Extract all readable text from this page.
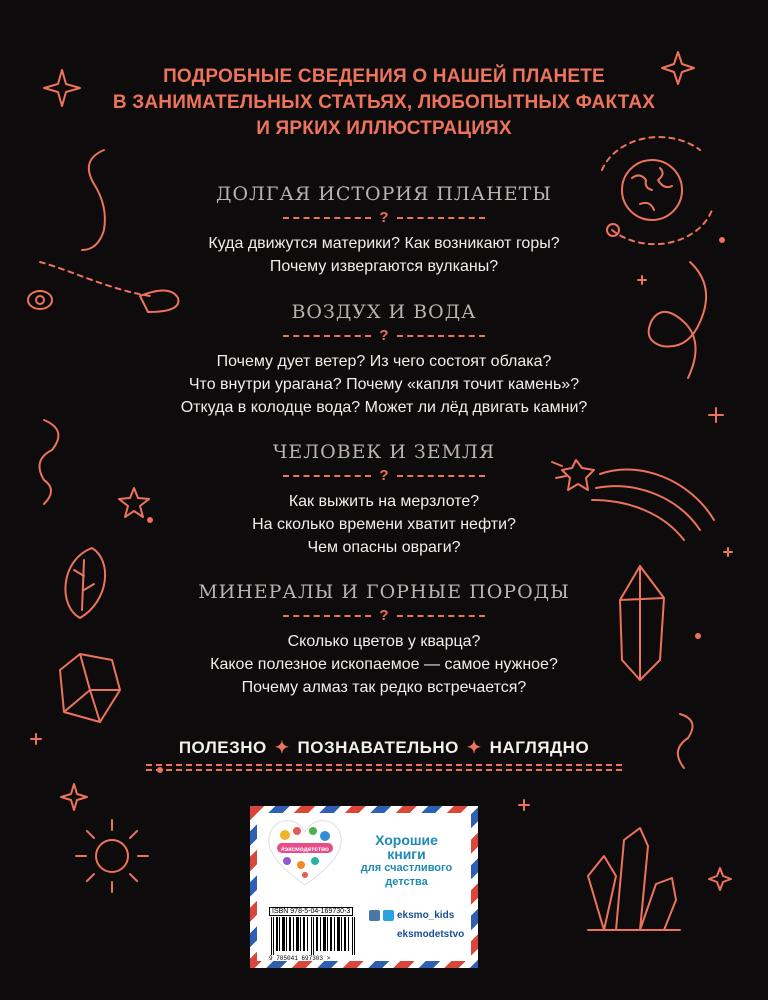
ПОДРОБНЫЕ СВЕДЕНИЯ О НАШЕЙ ПЛАНЕТЕ
В ЗАНИМАТЕЛЬНЫХ СТАТЬЯХ, ЛЮБОПЫТНЫХ ФАКТАХ
И ЯРКИХ ИЛЛЮСТРАЦИЯХ
ДОЛГАЯ ИСТОРИЯ ПЛАНЕТЫ
?
Куда движутся материки? Как возникают горы?
Почему извергаются вулканы?
ВОЗДУХ И ВОДА
?
Почему дует ветер? Из чего состоят облака?
Что внутри урагана? Почему «капля точит камень»?
Откуда в колодце вода? Может ли лёд двигать камни?
ЧЕЛОВЕК И ЗЕМЛЯ
?
Как выжить на мерзлоте?
На сколько времени хватит нефти?
Чем опасны овраги?
МИНЕРАЛЫ И ГОРНЫЕ ПОРОДЫ
?
Сколько цветов у кварца?
Какое полезное ископаемое — самое нужное?
Почему алмаз так редко встречается?
ПОЛЕЗНО ✦ ПОЗНАВАТЕЛЬНО ✦ НАГЛЯДНО
#эксмодетство
Хорошие
книги
для счастливого
детства
ISBN 978-5-04-169730-3
9 785041 697303 >
eksmo_kids
eksmodetstvo
